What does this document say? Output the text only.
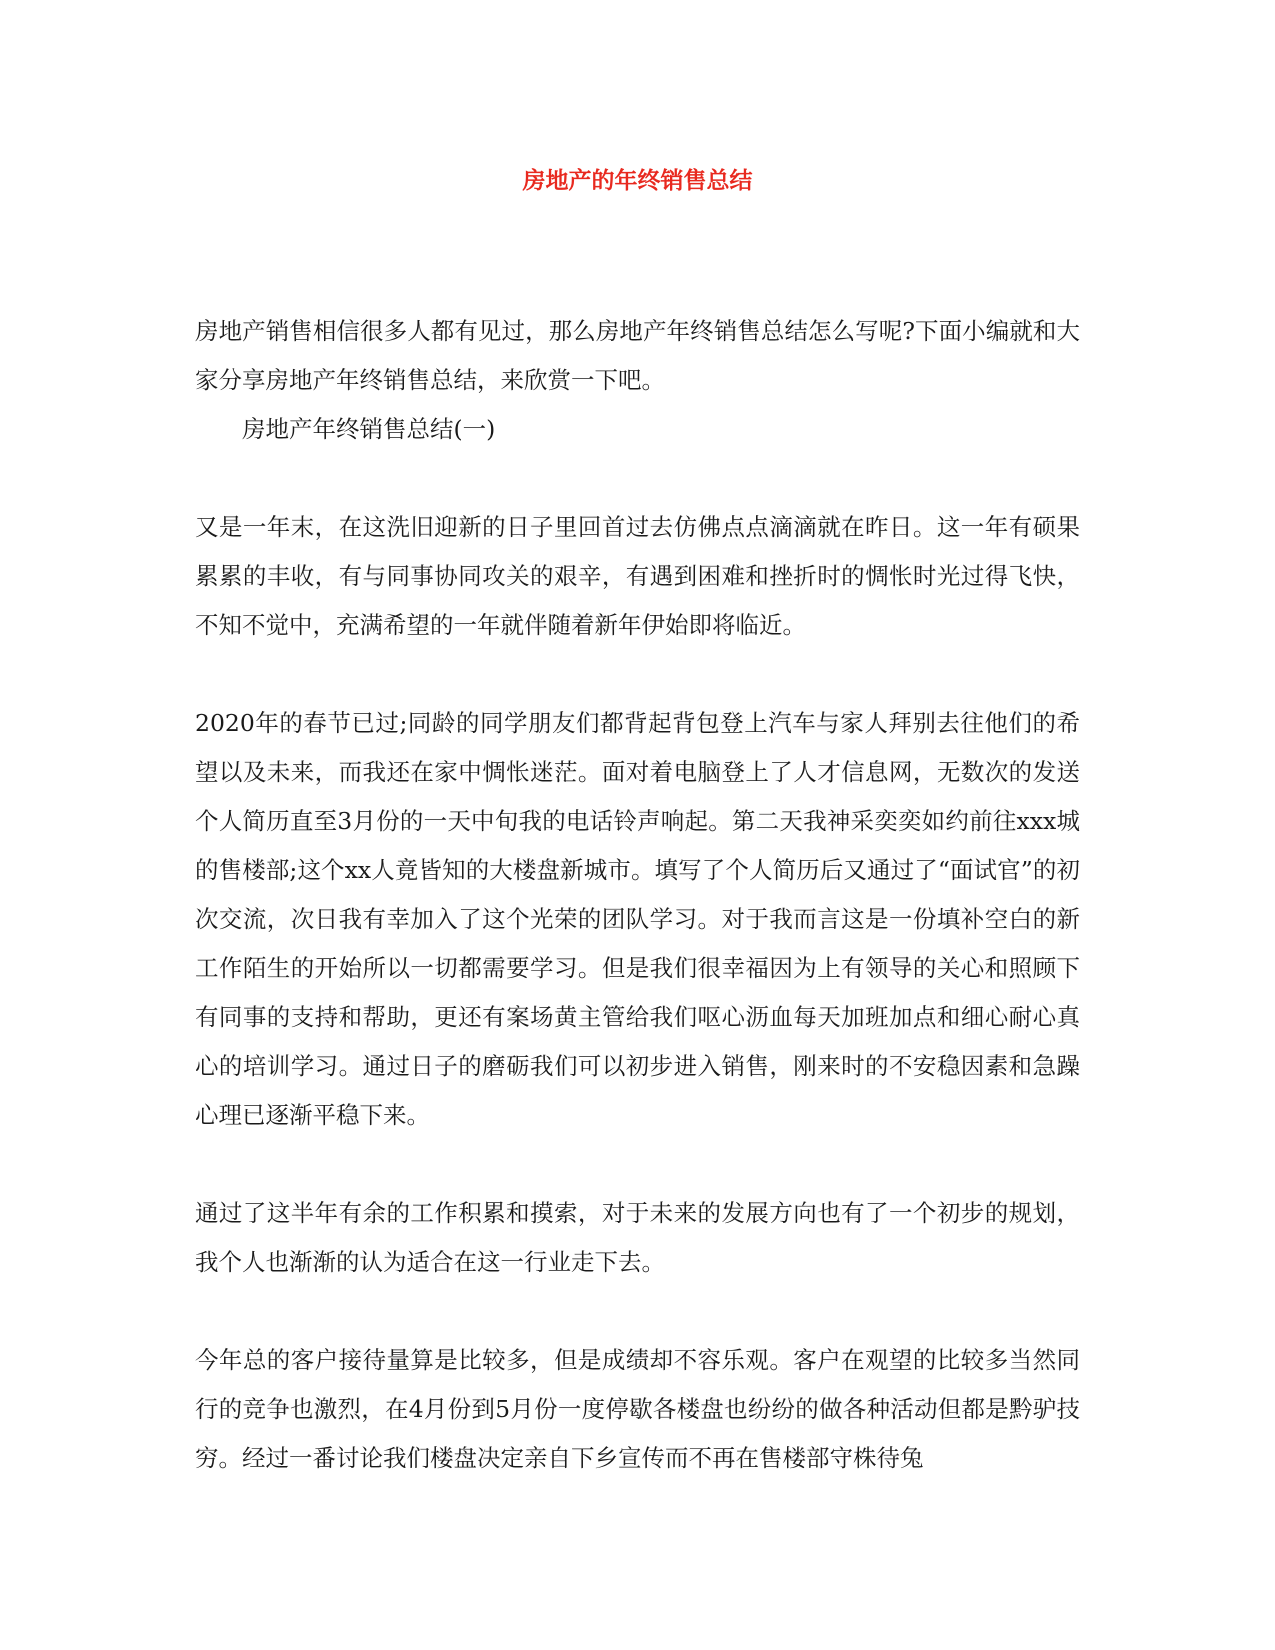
房地产的年终销售总结

房地产销售相信很多人都有见过，那么房地产年终销售总结怎么写呢?下面小编就和大家分享房地产年终销售总结，来欣赏一下吧。

房地产年终销售总结(一)

又是一年末，在这洗旧迎新的日子里回首过去仿佛点点滴滴就在昨日。这一年有硕果累累的丰收，有与同事协同攻关的艰辛，有遇到困难和挫折时的惆怅时光过得飞快，不知不觉中，充满希望的一年就伴随着新年伊始即将临近。

2020年的春节已过;同龄的同学朋友们都背起背包登上汽车与家人拜别去往他们的希望以及未来，而我还在家中惆怅迷茫。面对着电脑登上了人才信息网，无数次的发送个人简历直至3月份的一天中旬我的电话铃声响起。第二天我神采奕奕如约前往xxx城的售楼部;这个xx人竟皆知的大楼盘新城市。填写了个人简历后又通过了“面试官”的初次交流，次日我有幸加入了这个光荣的团队学习。对于我而言这是一份填补空白的新工作陌生的开始所以一切都需要学习。但是我们很幸福因为上有领导的关心和照顾下有同事的支持和帮助，更还有案场黄主管给我们呕心沥血每天加班加点和细心耐心真心的培训学习。通过日子的磨砺我们可以初步进入销售，刚来时的不安稳因素和急躁心理已逐渐平稳下来。

通过了这半年有余的工作积累和摸索，对于未来的发展方向也有了一个初步的规划，我个人也渐渐的认为适合在这一行业走下去。

今年总的客户接待量算是比较多，但是成绩却不容乐观。客户在观望的比较多当然同行的竞争也激烈，在4月份到5月份一度停歇各楼盘也纷纷的做各种活动但都是黔驴技穷。经过一番讨论我们楼盘决定亲自下乡宣传而不再在售楼部守株待兔
